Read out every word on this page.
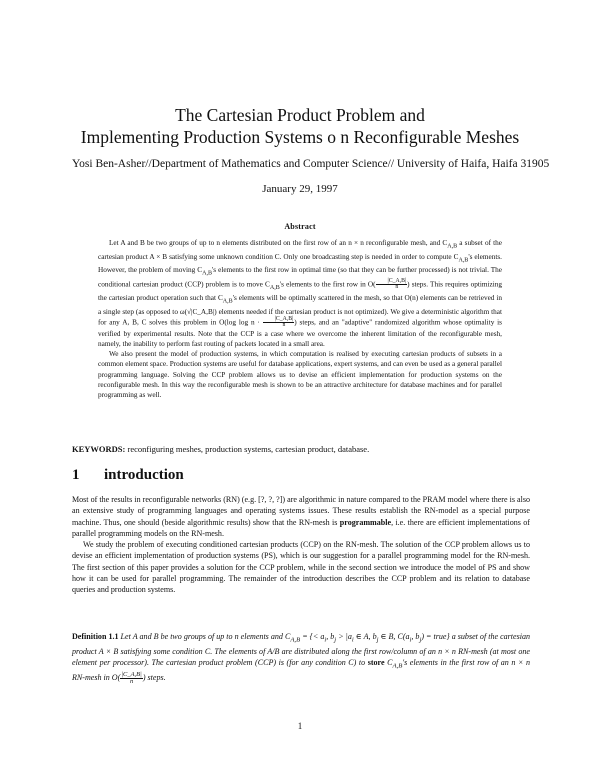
The Cartesian Product Problem and
Implementing Production Systems o n Reconfigurable Meshes
Yosi Ben-Asher//Department of Mathematics and Computer Science// University of Haifa, Haifa 31905
January 29, 1997
Abstract

Let A and B be two groups of up to n elements distributed on the first row of an n × n reconfigurable mesh, and $C_{A,B}$ a subset of the cartesian product A × B satisfying some unknown condition C. Only one broadcasting step is needed in order to compute $C_{A,B}'s$ elements. However, the problem of moving $C_{A,B}'s$ elements to the first row in optimal time (so that they can be further processed) is not trivial. The conditional cartesian product (CCP) problem is to move $C_{A,B}'s$ elements to the first row in $O( \frac{|C\_A,B|}{n}$ ) steps. This requires optimizing the cartesian product operation such that $C_{A,B}'s$ elements will be optimally scattered in the mesh, so that O(n) elements can be retrieved in a single step (as opposed to ω(√|C_A,B|) elements needed if the cartesian product is not optimized). We give a deterministic algorithm that for any A, B, C solves this problem in O(log $\log n \cdot \frac{|C\_A,B|}{n}$ ) steps, and an "adaptive" randomized algorithm whose optimality is verified by experimental results. Note that the CCP is a case where we overcome the inherent limitation of the reconfigurable mesh, namely, the inability to perform fast routing of packets located in a small area.

We also present the model of production systems, in which computation is realised by executing cartesian products of subsets in a common element space. Production systems are useful for database applications, expert systems, and can even be used as a general parallel programming language. Solving the CCP problem allows us to devise an efficient implementation for production systems on the reconfigurable mesh. In this way the reconfigurable mesh is shown to be an attractive architecture for database machines and for parallel programming as well.

KEYWORDS: reconfiguring meshes, production systems, cartesian product, database.
1 introduction

Most of the results in reconfigurable networks (RN) (e.g. [?, ?, ?]) are algorithmic in nature compared to the PRAM model where there is also an extensive study of programming languages and operating systems issues. These results establish the RN-model as a special purpose machine. Thus, one should (beside algorithmic results) show that the RN-mesh is programmable, i.e. there are efficient implementations of parallel programming models on the RN-mesh.

We study the problem of executing conditioned cartesian products (CCP) on the RN-mesh. The solution of the CCP problem allows us to devise an efficient implementation of production systems (PS), which is our suggestion for a parallel programming model for the RN-mesh. The first section of this paper provides a solution for the CCP problem, while in the second section we introduce the model of PS and show how it can be used for parallel programming. The remainder of the introduction describes the CCP problem and its relation to database queries and production systems.

Definition 1.1 Let A and B be two groups of up to n elements and $C_{A,B}$ = {< $a_i$, $b_j > |a_i$ ∈ A, $b_j$ ∈ B, $C(a_i$, $b_j$) = true} a subset of the cartesian product A × B satisfying some condition C. The elements of A/B are distributed along the first row/column of an n × n RN-mesh (at most one element per processor). The cartesian product problem (CCP) is (for any condition C) to store $C_{A,B}'s$ elements in the first row of an n × n RN-mesh in $O( \frac{|C\_A,B|}{n}$ ) steps.
1
